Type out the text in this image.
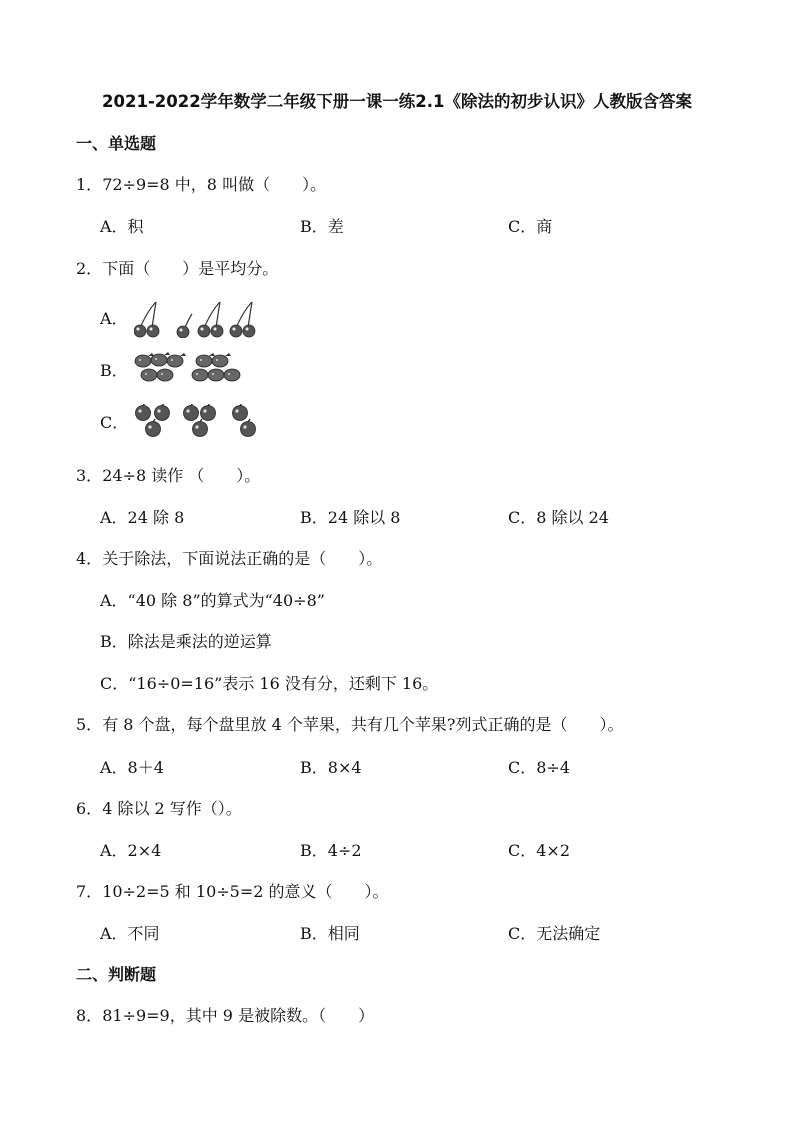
2021-2022学年数学二年级下册一课一练2.1《除法的初步认识》人教版含答案
一、单选题
1．72÷9=8 中，8 叫做（　　）。
A．积	B．差	C．商
2．下面（　　）是平均分。
A．
B．
C．
3．24÷8 读作 （　　）。
A．24 除 8	B．24 除以 8	C．8 除以 24
4．关于除法，下面说法正确的是（　　）。
A．“40 除 8”的算式为“40÷8”
B．除法是乘法的逆运算
C．“16÷0=16”表示 16 没有分，还剩下 16。
5．有 8 个盘，每个盘里放 4 个苹果，共有几个苹果?列式正确的是（　　）。
A．8＋4	B．8×4	C．8÷4
6．4 除以 2 写作（）。
A．2×4	B．4÷2	C．4×2
7．10÷2=5 和 10÷5=2 的意义（　　）。
A．不同	B．相同	C．无法确定
二、判断题
8．81÷9=9，其中 9 是被除数。（　　）
